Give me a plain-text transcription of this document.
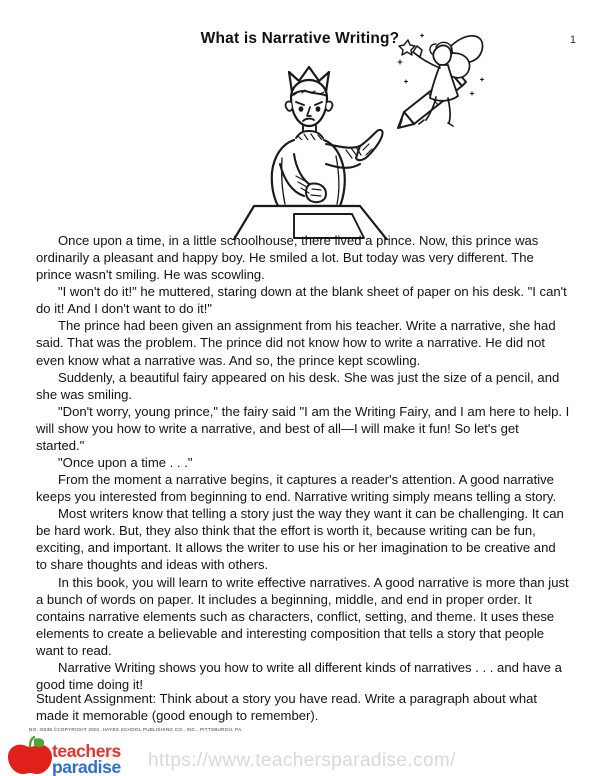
What is Narrative Writing?	1

Once upon a time, in a little schoolhouse, there lived a prince. Now, this prince was ordinarily a pleasant and happy boy. He smiled a lot. But today was very different. The prince wasn't smiling. He was scowling.

"I won't do it!" he muttered, staring down at the blank sheet of paper on his desk. "I can't do it! And I don't want to do it!"

The prince had been given an assignment from his teacher. Write a narrative, she had said. That was the problem. The prince did not know how to write a narrative. He did not even know what a narrative was. And so, the prince kept scowling.

Suddenly, a beautiful fairy appeared on his desk. She was just the size of a pencil, and she was smiling.

"Don't worry, young prince," the fairy said "I am the Writing Fairy, and I am here to help. I will show you how to write a narrative, and best of all—I will make it fun! So let's get started."

"Once upon a time . . ."

From the moment a narrative begins, it captures a reader's attention. A good narrative keeps you interested from beginning to end. Narrative writing simply means telling a story.

Most writers know that telling a story just the way they want it can be challenging. It can be hard work. But, they also think that the effort is worth it, because writing can be fun, exciting, and important. It allows the writer to use his or her imagination to be creative and to share thoughts and ideas with others.

In this book, you will learn to write effective narratives. A good narrative is more than just a bunch of words on paper. It includes a beginning, middle, and end in proper order. It contains narrative elements such as characters, conflict, setting, and theme. It uses these elements to create a believable and interesting composition that tells a story that people want to read.

Narrative Writing shows you how to write all different kinds of narratives . . . and have a good time doing it!

Student Assignment: Think about a story you have read. Write a paragraph about what made it memorable (good enough to remember).

NO. I0238 ©COPYRIGHT 2001, HAYES SCHOOL PUBLISHING CO., INC., PITTSBURGH, PA.
teachers
paradise https://www.teachersparadise.com/
